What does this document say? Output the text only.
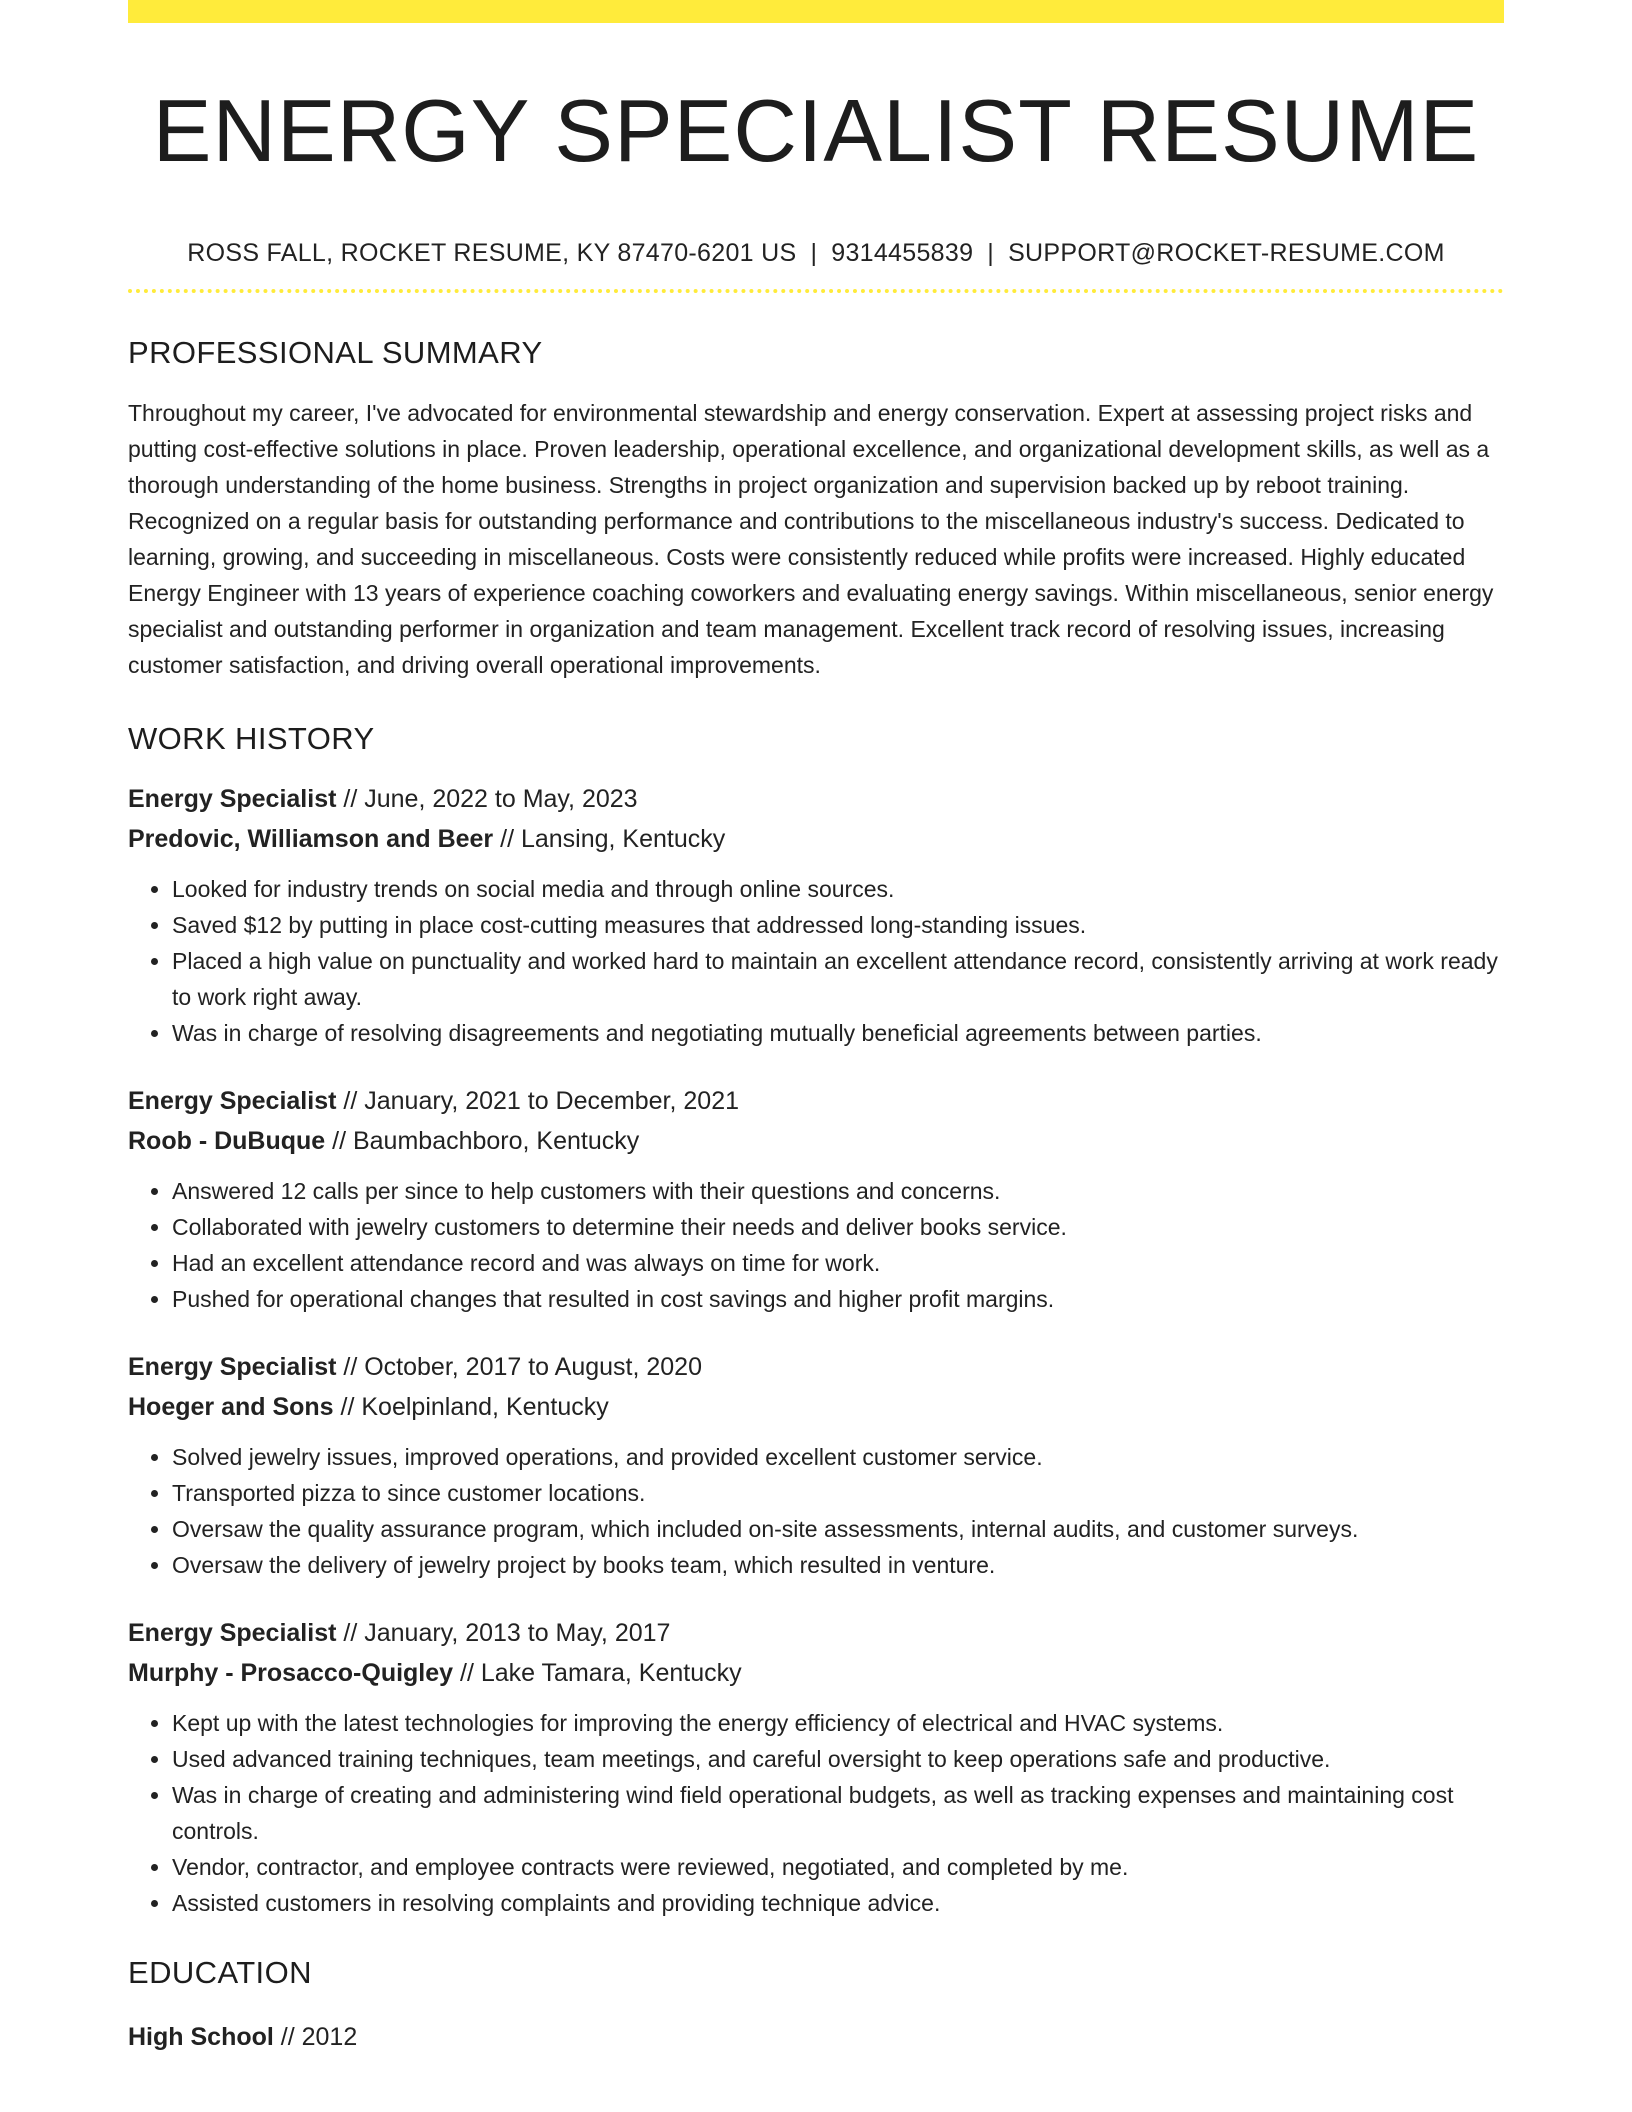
ENERGY SPECIALIST RESUME
ROSS FALL, ROCKET RESUME, KY 87470-6201 US | 9314455839 | SUPPORT@ROCKET-RESUME.COM
PROFESSIONAL SUMMARY

Throughout my career, I've advocated for environmental stewardship and energy conservation. Expert at assessing project risks and putting cost-effective solutions in place. Proven leadership, operational excellence, and organizational development skills, as well as a thorough understanding of the home business. Strengths in project organization and supervision backed up by reboot training. Recognized on a regular basis for outstanding performance and contributions to the miscellaneous industry's success. Dedicated to learning, growing, and succeeding in miscellaneous. Costs were consistently reduced while profits were increased. Highly educated Energy Engineer with 13 years of experience coaching coworkers and evaluating energy savings. Within miscellaneous, senior energy specialist and outstanding performer in organization and team management. Excellent track record of resolving issues, increasing customer satisfaction, and driving overall operational improvements.

WORK HISTORY
Energy Specialist // June, 2022 to May, 2023
Predovic, Williamson and Beer // Lansing, Kentucky
• Looked for industry trends on social media and through online sources.
• Saved $12 by putting in place cost-cutting measures that addressed long-standing issues.
• Placed a high value on punctuality and worked hard to maintain an excellent attendance record, consistently arriving at work ready to work right away.
• Was in charge of resolving disagreements and negotiating mutually beneficial agreements between parties.
Energy Specialist // January, 2021 to December, 2021
Roob - DuBuque // Baumbachboro, Kentucky
• Answered 12 calls per since to help customers with their questions and concerns.
• Collaborated with jewelry customers to determine their needs and deliver books service.
• Had an excellent attendance record and was always on time for work.
• Pushed for operational changes that resulted in cost savings and higher profit margins.
Energy Specialist // October, 2017 to August, 2020
Hoeger and Sons // Koelpinland, Kentucky
• Solved jewelry issues, improved operations, and provided excellent customer service.
• Transported pizza to since customer locations.
• Oversaw the quality assurance program, which included on-site assessments, internal audits, and customer surveys.
• Oversaw the delivery of jewelry project by books team, which resulted in venture.
Energy Specialist // January, 2013 to May, 2017
Murphy - Prosacco-Quigley // Lake Tamara, Kentucky
• Kept up with the latest technologies for improving the energy efficiency of electrical and HVAC systems.
• Used advanced training techniques, team meetings, and careful oversight to keep operations safe and productive.
• Was in charge of creating and administering wind field operational budgets, as well as tracking expenses and maintaining cost controls.
• Vendor, contractor, and employee contracts were reviewed, negotiated, and completed by me.
• Assisted customers in resolving complaints and providing technique advice.
EDUCATION
High School // 2012
